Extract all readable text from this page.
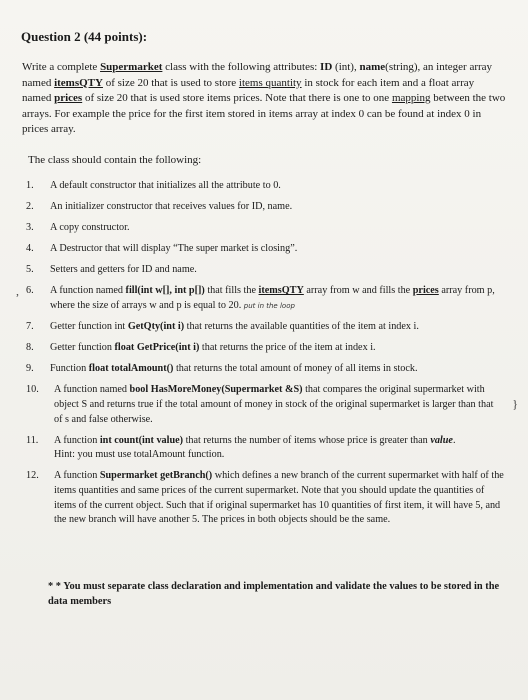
Question 2 (44 points):
Write a complete Supermarket class with the following attributes: ID (int), name(string), an integer array named itemsQTY of size 20 that is used to store items quantity in stock for each item and a float array named prices of size 20 that is used store items prices. Note that there is one to one mapping between the two arrays. For example the price for the first item stored in items array at index 0 can be found at index 0 in prices array.
The class should contain the following:
1. A default constructor that initializes all the attribute to 0.
2. An initializer constructor that receives values for ID, name.
3. A copy constructor.
4. A Destructor that will display “The super market is closing”.
5. Setters and getters for ID and name.
, 6. A function named fill(int w[], int p[]) that fills the itemsQTY array from w and fills the prices array from p, where the size of arrays w and p is equal to 20. put in the loop
7. Getter function int GetQty(int i) that returns the available quantities of the item at index i.
8. Getter function float GetPrice(int i) that returns the price of the item at index i.
9. Function float totalAmount() that returns the total amount of money of all items in stock.
10. A function named bool HasMoreMoney(Supermarket &S) that compares the original supermarket with object S and returns true if the total amount of money in stock of the original supermarket is larger than that of s and false otherwise.
}
11. A function int count(int value) that returns the number of items whose price is greater than value.
Hint: you must use totalAmount function.
12. A function Supermarket getBranch() which defines a new branch of the current supermarket with half of the items quantities and same prices of the current supermarket. Note that you should update the quantities of items of the current object. Such that if original supermarket has 10 quantities of first item, it will have 5, and the new branch will have another 5. The prices in both objects should be the same.
* * You must separate class declaration and implementation and validate the values to be stored in the data members
